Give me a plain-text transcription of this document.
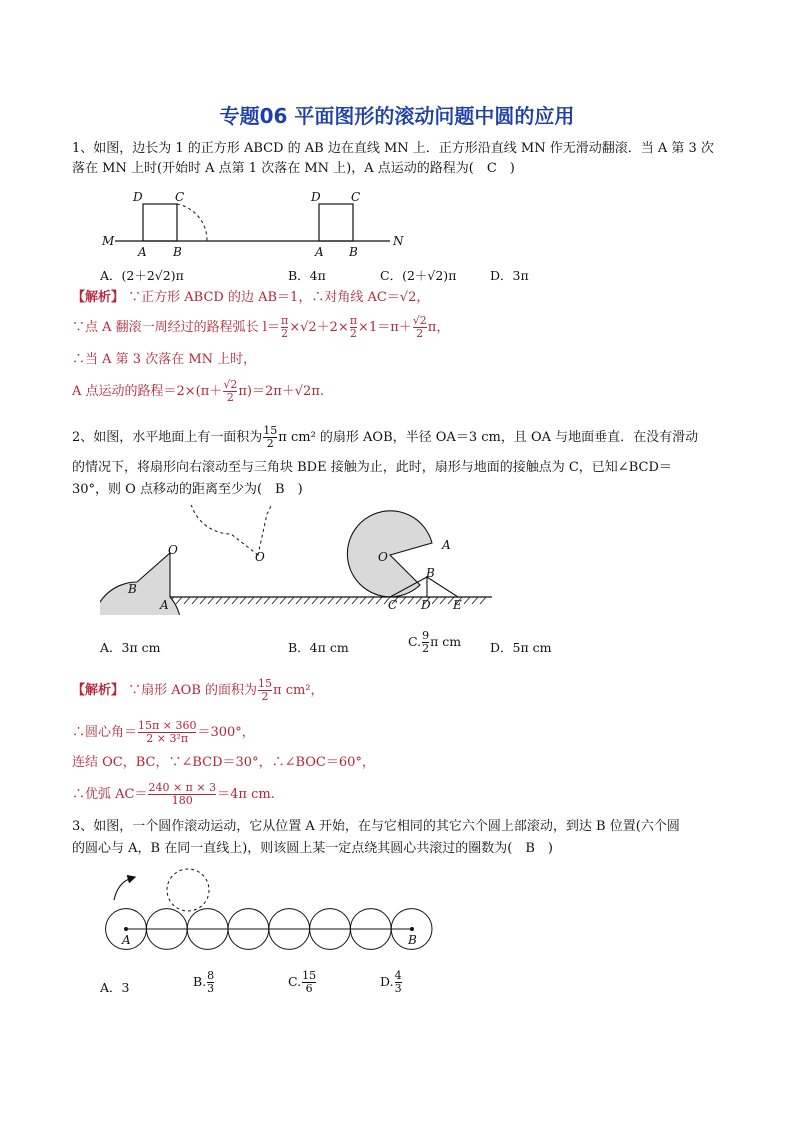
专题06 平面图形的滚动问题中圆的应用
1、如图，边长为 1 的正方形 ABCD 的 AB 边在直线 MN 上．正方形沿直线 MN 作无滑动翻滚．当 A 第 3 次
落在 MN 上时(开始时 A 点第 1 次落在 MN 上)，A 点运动的路程为(　C　)
D	C
M
A B
D	C
A B
N
A．(2＋2√2)π	B．4π	C．(2＋√2)π	D．3π
【解析】 ∵正方形 ABCD 的边 AB＝1，∴对角线 AC＝√2，
∵点 A 翻滚一周经过的路程弧长 $l= \frac{\pi}{2} \times√2+2\times \frac{\pi}{2} \times 1=\pi+ \frac{√2}{2}$ π，
∴当 A 第 3 次落在 MN 上时，
A 点运动的路程$=2\times(\pi+ \frac{√2}{2} \pi)=2\pi+√2\pi$.
2、如图，水平地面上有一面积为 $\frac{15}{2}$ π cm² 的扇形 AOB，半径 OA＝3 cm，且 OA 与地面垂直．在没有滑动
的情况下，将扇形向右滚动至与三角块 BDE 接触为止，此时，扇形与地面的接触点为 C，已知∠BCD＝
30°，则 O 点移动的距离至少为(　B　)
O
B
A
O	O
A
B
C D E
A．3π cm	B．4π cm	C. $\frac{9}{2}$ π cm D．5π cm
【解析】 ∵扇形 AOB 的面积为 $\frac{15}{2}$ π cm²，
∴圆心角＝ $\frac{15\pi \times 360}{\text{2 × 3²π}} =300^\circ$，
连结 OC，BC，∵∠BCD＝30°，∴∠BOC＝60°，
∴优弧 $AC= \frac{240 \times \pi \times 3}{180} =4\pi$ cm.
3、如图，一个圆作滚动运动，它从位置 A 开始，在与它相同的其它六个圆上部滚动，到达 B 位置(六个圆
的圆心与 A，B 在同一直线上)，则该圆上某一定点绕其圆心共滚过的圈数为(　B　)
A	B
A．3	B. $\frac{8}{3}$	C. $\frac{15}{6}$	D. $\frac{4}{3}$
